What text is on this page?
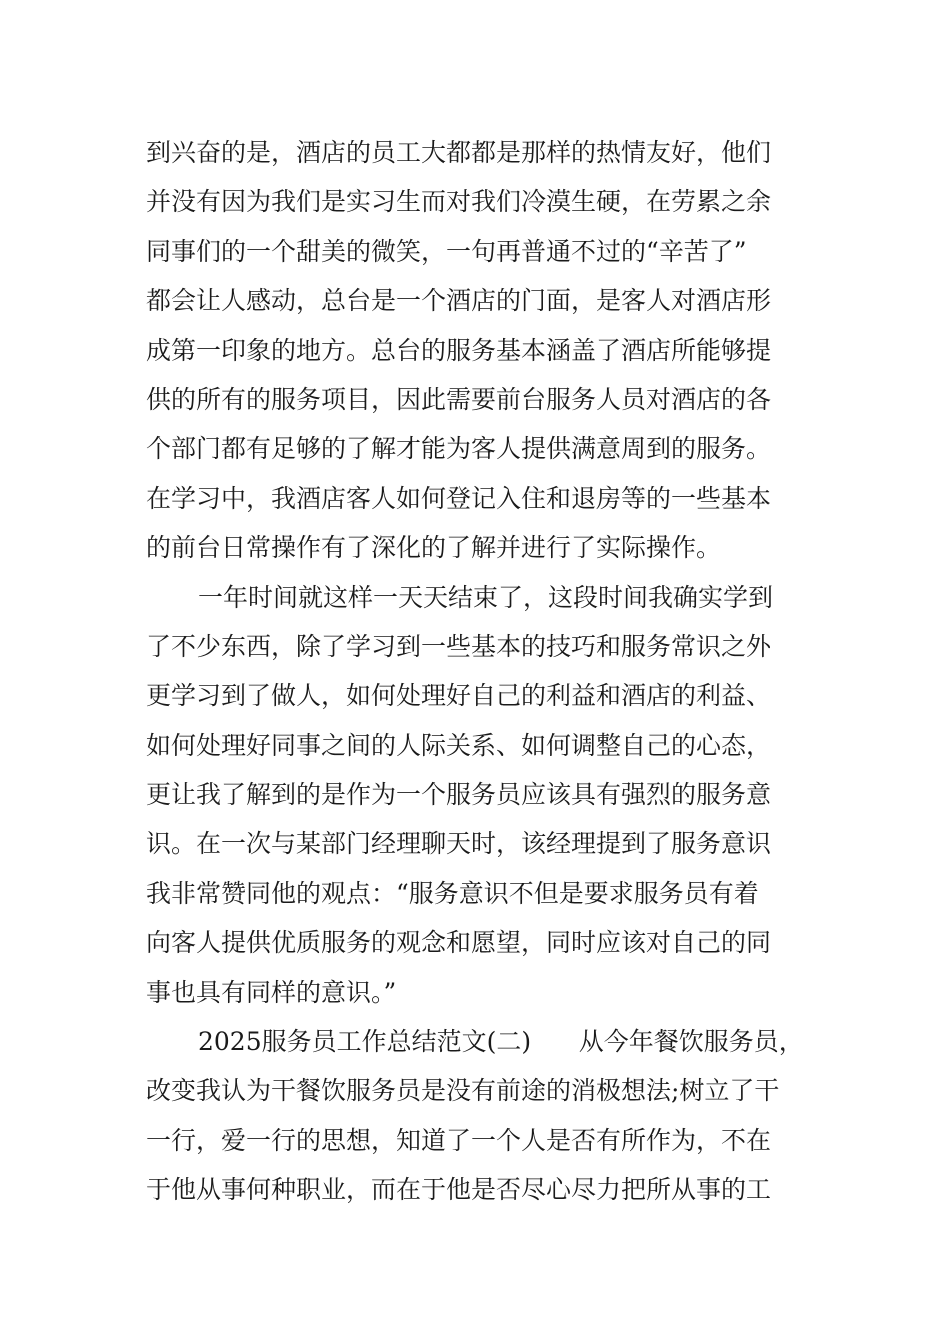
到兴奋的是，酒店的员工大都都是那样的热情友好，他们
并没有因为我们是实习生而对我们冷漠生硬，在劳累之余
同事们的一个甜美的微笑，一句再普通不过的“辛苦了”
都会让人感动，总台是一个酒店的门面，是客人对酒店形
成第一印象的地方。总台的服务基本涵盖了酒店所能够提
供的所有的服务项目，因此需要前台服务人员对酒店的各
个部门都有足够的了解才能为客人提供满意周到的服务。
在学习中，我酒店客人如何登记入住和退房等的一些基本
的前台日常操作有了深化的了解并进行了实际操作。
一年时间就这样一天天结束了，这段时间我确实学到
了不少东西，除了学习到一些基本的技巧和服务常识之外
更学习到了做人，如何处理好自己的利益和酒店的利益、
如何处理好同事之间的人际关系、如何调整自己的心态，
更让我了解到的是作为一个服务员应该具有强烈的服务意
识。在一次与某部门经理聊天时，该经理提到了服务意识
我非常赞同他的观点：“服务意识不但是要求服务员有着
向客人提供优质服务的观念和愿望，同时应该对自己的同
事也具有同样的意识。”
2025服务员工作总结范文(二)      从今年餐饮服务员，
改变我认为干餐饮服务员是没有前途的消极想法;树立了干
一行，爱一行的思想，知道了一个人是否有所作为，不在
于他从事何种职业，而在于他是否尽心尽力把所从事的工
